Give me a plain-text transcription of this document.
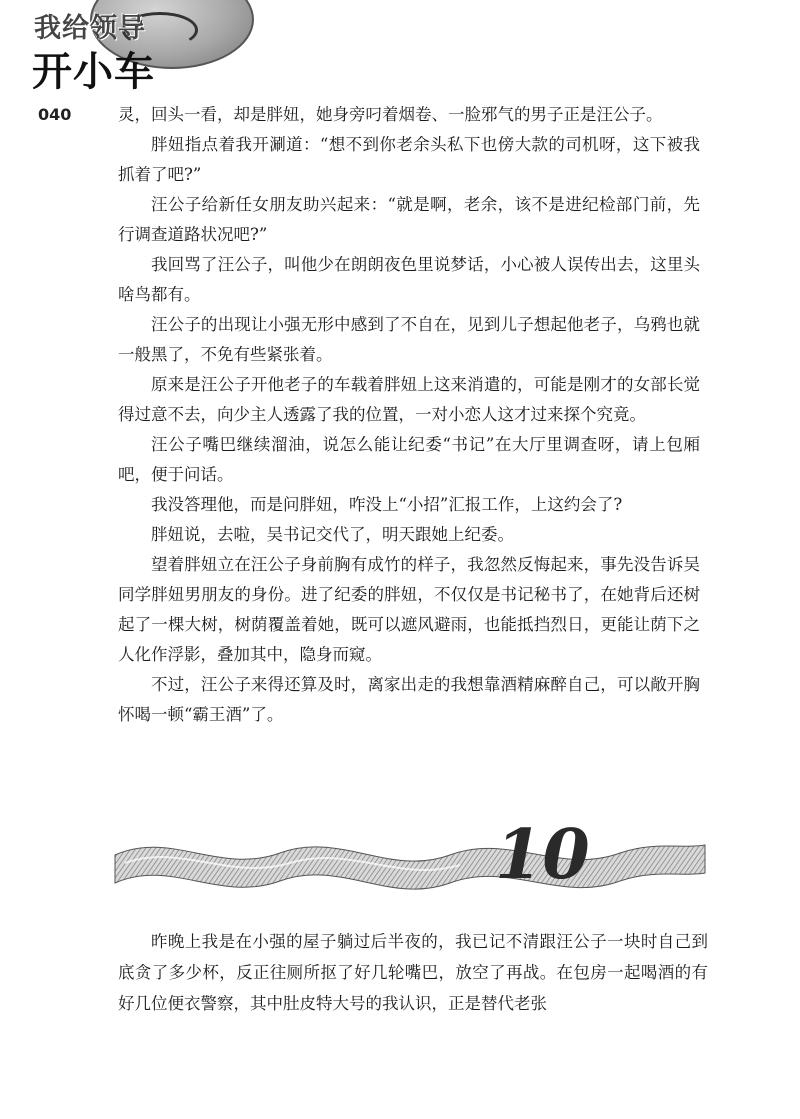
我给领导
开小车
040	灵，回头一看，却是胖妞，她身旁叼着烟卷、一脸邪气的男子正是汪公子。

胖妞指点着我开涮道：“想不到你老余头私下也傍大款的司机呀，这下被我抓着了吧?”

汪公子给新任女朋友助兴起来：“就是啊，老余，该不是进纪检部门前，先行调查道路状况吧?”

我回骂了汪公子，叫他少在朗朗夜色里说梦话，小心被人误传出去，这里头啥鸟都有。

汪公子的出现让小强无形中感到了不自在，见到儿子想起他老子，乌鸦也就一般黑了，不免有些紧张着。

原来是汪公子开他老子的车载着胖妞上这来消遣的，可能是刚才的女部长觉得过意不去，向少主人透露了我的位置，一对小恋人这才过来探个究竟。

汪公子嘴巴继续溜油，说怎么能让纪委“书记”在大厅里调查呀，请上包厢吧，便于问话。

我没答理他，而是问胖妞，咋没上“小招”汇报工作，上这约会了?

胖妞说，去啦，吴书记交代了，明天跟她上纪委。

望着胖妞立在汪公子身前胸有成竹的样子，我忽然反悔起来，事先没告诉吴同学胖妞男朋友的身份。进了纪委的胖妞，不仅仅是书记秘书了，在她背后还树起了一棵大树，树荫覆盖着她，既可以遮风避雨，也能抵挡烈日，更能让荫下之人化作浮影，叠加其中，隐身而窥。

不过，汪公子来得还算及时，离家出走的我想靠酒精麻醉自己，可以敞开胸怀喝一顿“霸王酒”了。

10

昨晚上我是在小强的屋子躺过后半夜的，我已记不清跟汪公子一块时自己到底贪了多少杯，反正往厕所抠了好几轮嘴巴，放空了再战。在包房一起喝酒的有好几位便衣警察，其中肚皮特大号的我认识，正是替代老张
